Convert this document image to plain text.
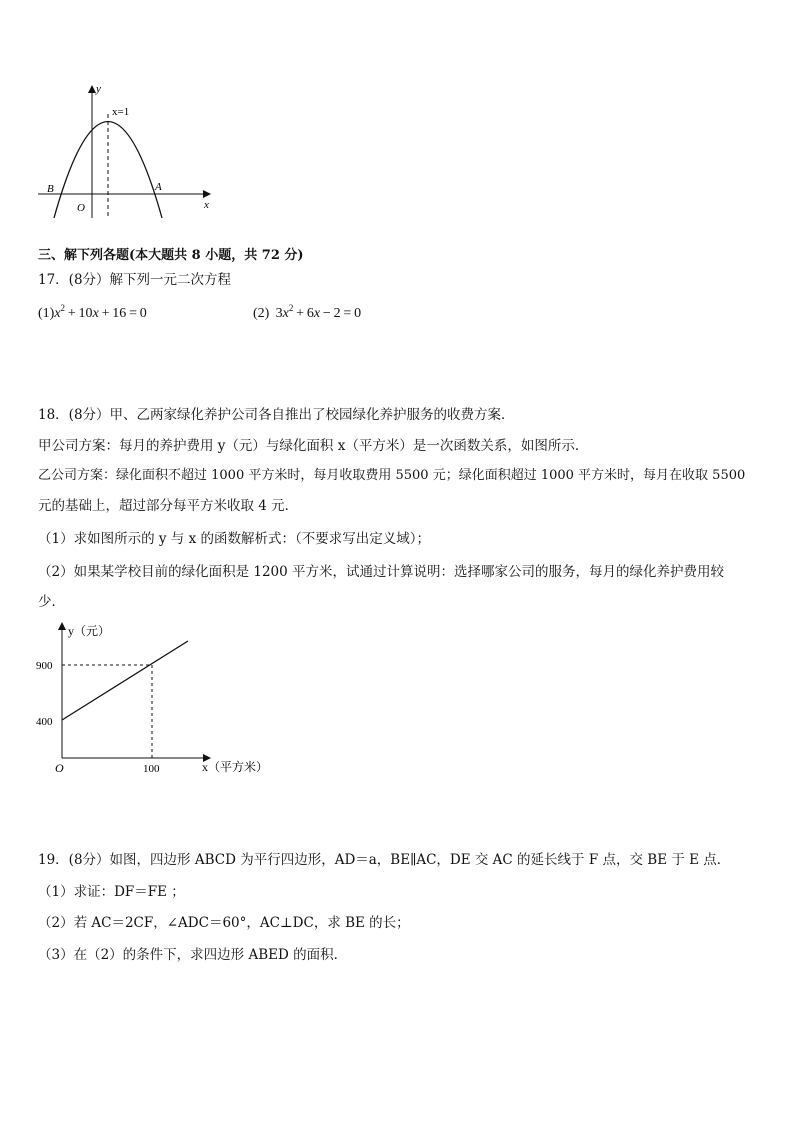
y
x
x=1
B	A
O
三、解下列各题(本大题共 8 小题，共 72 分)
17．(8分）解下列一元二次方程
$(1)x^2 + 10x + 16 = 0$	(2)  $3x^2 + 6x - 2 = 0$
18．(8分）甲、乙两家绿化养护公司各自推出了校园绿化养护服务的收费方案．
甲公司方案：每月的养护费用 y（元）与绿化面积 x（平方米）是一次函数关系，如图所示．
乙公司方案：绿化面积不超过 1000 平方米时，每月收取费用 5500 元；绿化面积超过 1000 平方米时，每月在收取 5500
元的基础上，超过部分每平方米收取 4 元．
（1）求如图所示的 y 与 x 的函数解析式：（不要求写出定义域）；
（2）如果某学校目前的绿化面积是 1200 平方米，试通过计算说明：选择哪家公司的服务，每月的绿化养护费用较
少．
y（元）
x（平方米）
O
900
400
100
19．(8分）如图，四边形 ABCD 为平行四边形，AD＝a，BE∥AC，DE 交 AC 的延长线于 F 点，交 BE 于 E 点．
（1）求证：DF＝FE ；
（2）若 AC＝2CF，∠ADC＝60°，AC⊥DC，求 BE 的长；
（3）在（2）的条件下，求四边形 ABED 的面积．
